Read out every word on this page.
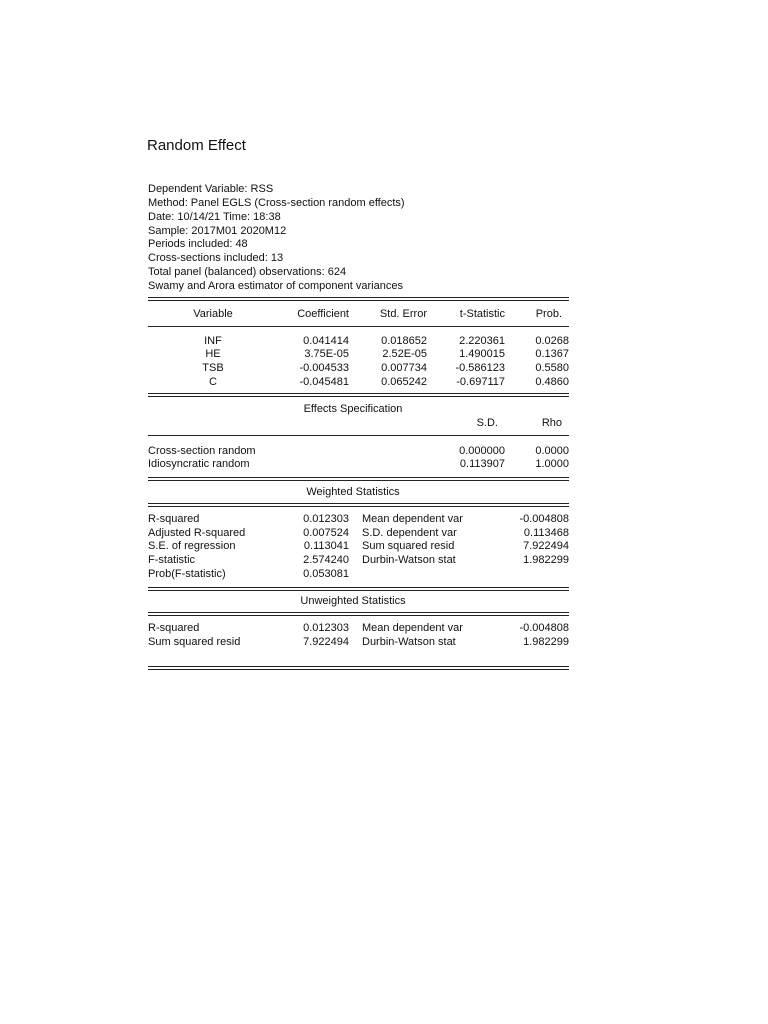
Random Effect
Dependent Variable: RSS
Method: Panel EGLS (Cross-section random effects)
Date: 10/14/21 Time: 18:38
Sample: 2017M01 2020M12
Periods included: 48
Cross-sections included: 13
Total panel (balanced) observations: 624
Swamy and Arora estimator of component variances
Variable	Coefficient	Std. Error	t-Statistic	Prob.
INF	0.041414	0.018652	2.220361	0.0268
HE	3.75E-05	2.52E-05	1.490015	0.1367
TSB	-0.004533	0.007734	-0.586123	0.5580
C	-0.045481	0.065242	-0.697117	0.4860
Effects Specification
S.D.	Rho
Cross-section random	0.000000	0.0000
Idiosyncratic random	0.113907	1.0000
Weighted Statistics
R-squared	0.012303 Mean dependent var	-0.004808
Adjusted R-squared	0.007524 S.D. dependent var	0.113468
S.E. of regression	0.113041 Sum squared resid	7.922494
F-statistic	2.574240 Durbin-Watson stat	1.982299
Prob(F-statistic)	0.053081
Unweighted Statistics
R-squared	0.012303 Mean dependent var	-0.004808
Sum squared resid	7.922494 Durbin-Watson stat	1.982299
